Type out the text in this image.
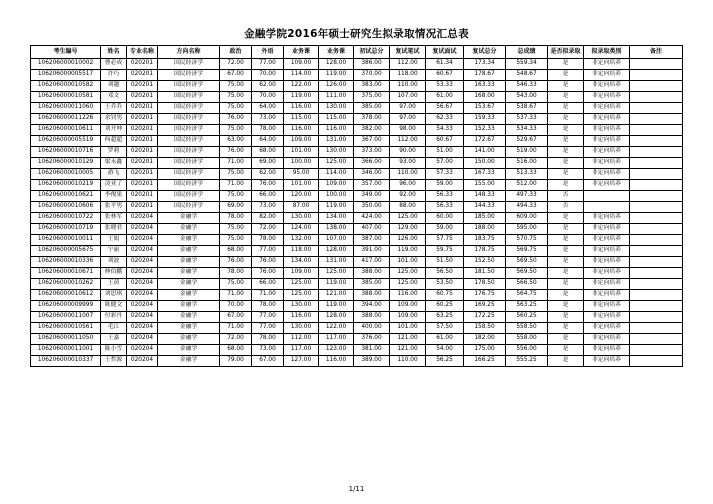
金融学院2016年硕士研究生拟录取情况汇总表
考生编号	姓名	专业名称	方向名称	政治	外语	业务课	业务课	初试总分	复试笔试	复试面试	复试总分	总成绩	是否拟录取	拟录取类别	备注
106206000010002	曹必成	020201	国民经济学	72.00	77.00	109.00	128.00	386.00	112.00	61.34	173.34	559.34	是	非定向培养	
106206000005517	许巧	020201	国民经济学	67.00	70.00	114.00	119.00	370.00	118.00	60.67	178.67	548.67	是	非定向培养	
106206000010582	刘越	020201	国民经济学	75.00	62.00	122.00	126.00	383.00	110.00	53.33	163.33	546.33	是	非定向培养	
106206000010581	邓文	020201	国民经济学	75.00	70.00	119.00	111.00	375.00	107.00	61.00	168.00	543.00	是	非定向培养	
106206000011060	王乔乔	020201	国民经济学	75.00	64.00	116.00	130.00	385.00	97.00	56.67	153.67	538.67	是	非定向培养	
106206000011226	余钊男	020201	国民经济学	76.00	73.00	115.00	115.00	378.00	97.00	62.33	159.33	537.33	是	非定向培养	
106206000010611	刘开坤	020201	国民经济学	75.00	78.00	116.00	116.00	382.00	98.00	54.33	152.33	534.33	是	非定向培养	
106206000005519	何超超	020201	国民经济学	63.00	64.00	109.00	131.00	367.00	112.00	60.67	172.67	529.67	是	非定向培养	
106206000010716	罗莉	020201	国民经济学	76.00	68.00	101.00	130.00	373.00	90.00	51.00	141.00	519.00	是	非定向培养	
106206000010129	梁永鑫	020201	国民经济学	71.00	69.00	100.00	125.00	366.00	93.00	57.00	150.00	516.00	是	非定向培养	
106206000010005	游飞	020201	国民经济学	75.00	62.00	95.00	114.00	346.00	110.00	57.33	167.33	513.33	是	非定向培养	
106206000010219	凌亚了	020201	国民经济学	71.00	76.00	101.00	109.00	357.00	96.00	59.00	155.00	512.00	是	非定向培养	
106206000010621	李俊果	020201	国民经济学	75.00	66.00	120.00	100.00	349.00	92.00	56.33	148.33	497.33	否		
106206000010606	张平男	020201	国民经济学	69.00	73.00	87.00	119.00	350.00	88.00	56.33	144.33	494.33	否		
106206000010722	张林军	020204	金融学	78.00	82.00	130.00	134.00	424.00	125.00	60.00	185.00	609.00	是	非定向培养	
106206000010719	张晓君	020204	金融学	75.00	72.00	124.00	138.00	407.00	129.00	59.00	188.00	595.00	是	非定向培养	
106206000010011	王娟	020204	金融学	75.00	78.00	132.00	107.00	387.00	126.00	57.75	183.75	570.75	是	非定向培养	
106206000005675	宁丽	020204	金融学	68.00	77.00	118.00	128.00	391.00	119.00	59.75	178.75	569.75	是	非定向培养	
106206000010336	刘波	020204	金融学	76.00	76.00	134.00	131.00	417.00	101.00	51.50	152.50	569.50	是	非定向培养	
106206000010671	伸伯鹏	020204	金融学	78.00	76.00	109.00	125.00	388.00	125.00	56.50	181.50	569.50	是	非定向培养	
106206000010262	王茵	020204	金融学	75.00	66.00	125.00	119.00	385.00	125.00	53.50	178.50	566.50	是	非定向培养	
106206000010612	刘思琪	020204	金融学	71.00	71.00	125.00	121.00	388.00	116.00	60.75	176.75	564.75	是	非定向培养	
106206000009999	陈健文	020204	金融学	70.00	78.00	130.00	119.00	394.00	109.00	60.25	169.25	563.25	是	非定向培养	
106206000011007	付彩丹	020204	金融学	67.00	77.00	116.00	128.00	388.00	109.00	63.25	172.25	560.25	是	非定向培养	
106206000010561	毛江	020204	金融学	71.00	77.00	130.00	122.00	400.00	101.00	57.50	158.50	558.50	是	非定向培养	
106206000011050	王嘉	020204	金融学	72.00	78.00	112.00	117.00	376.00	121.00	61.00	182.00	558.00	是	非定向培养	
106206000011001	陈小雪	020204	金融学	68.00	73.00	117.00	123.00	381.00	121.00	54.00	175.00	556.00	是	非定向培养	
106206000010337	王哲源	020204	金融学	79.00	67.00	127.00	116.00	389.00	110.00	56.25	166.25	555.25	是	非定向培养	
1/11
